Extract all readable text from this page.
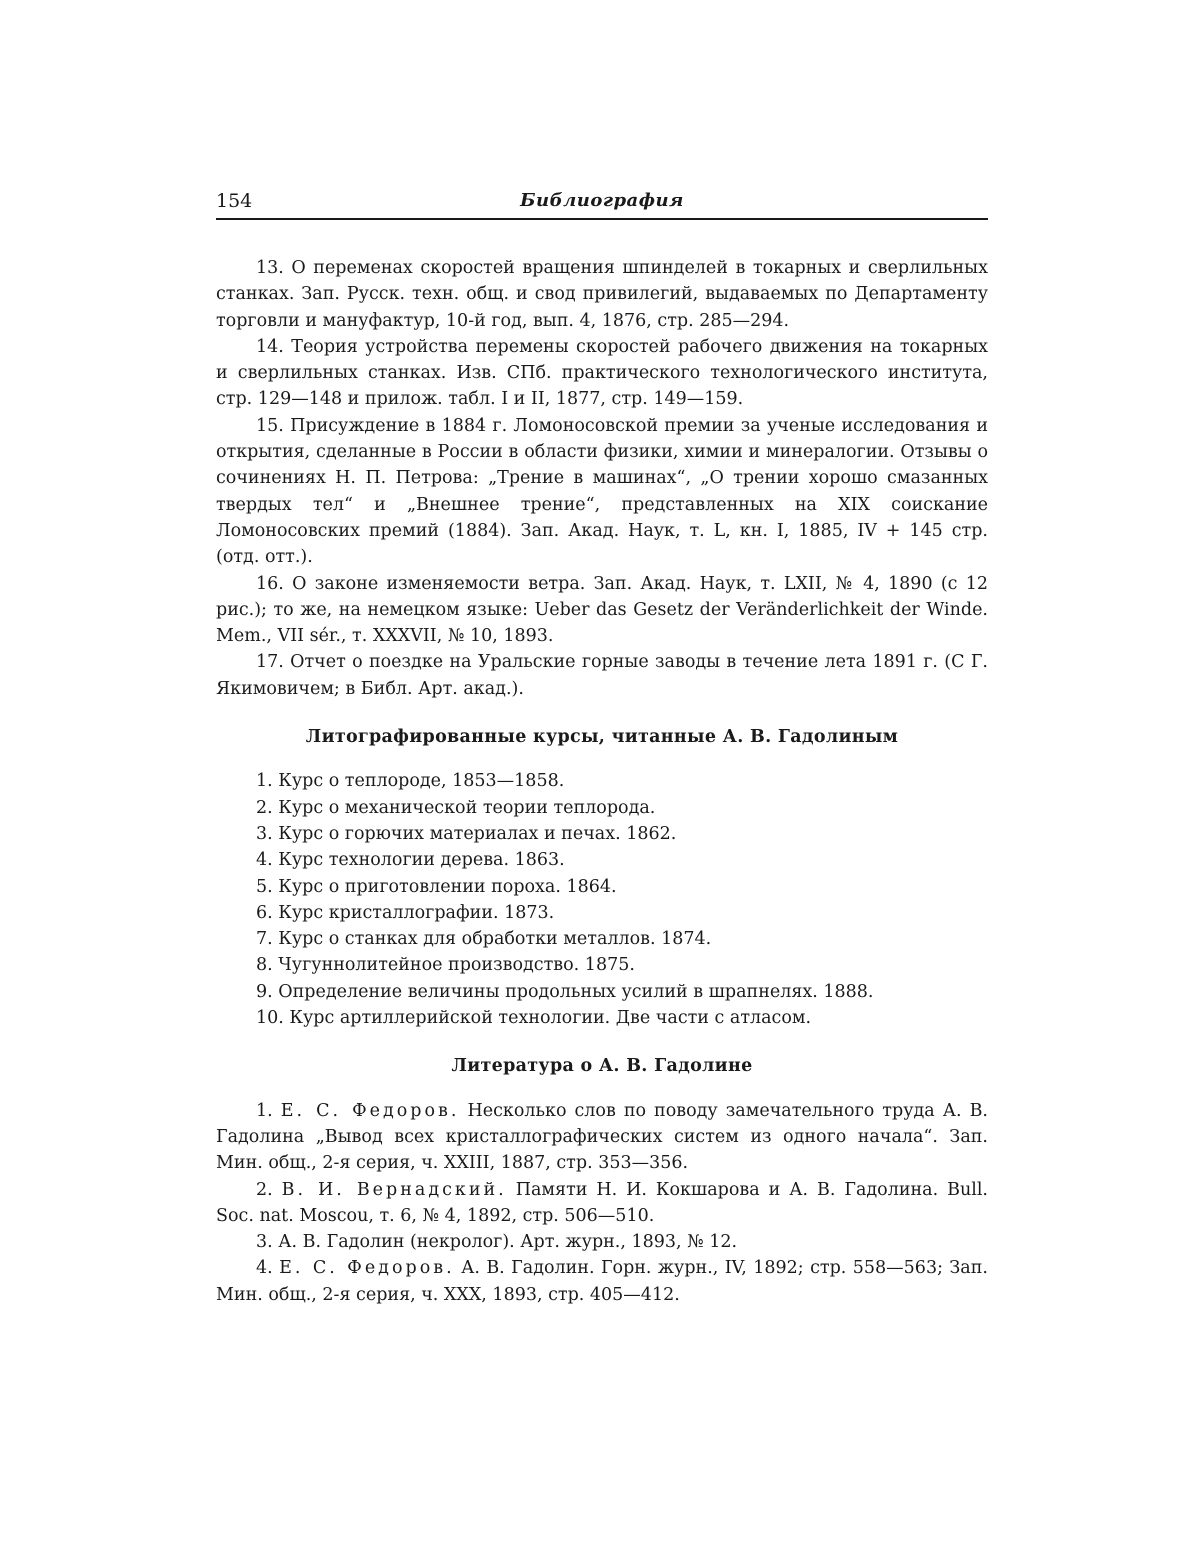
154	Библиография

13. О переменах скоростей вращения шпинделей в токарных и сверлильных станках. Зап. Русск. техн. общ. и свод привилегий, выдаваемых по Департаменту торговли и мануфактур, 10-й год, вып. 4, 1876, стр. 285—294.

14. Теория устройства перемены скоростей рабочего движения на токарных и сверлильных станках. Изв. СПб. практического технологического института, стр. 129—148 и прилож. табл. I и II, 1877, стр. 149—159.

15. Присуждение в 1884 г. Ломоносовской премии за ученые исследования и открытия, сделанные в России в области физики, химии и минералогии. Отзывы о сочинениях Н. П. Петрова: „Трение в машинах“, „О трении хорошо смазанных твердых тел“ и „Внешнее трение“, представленных на XIX соискание Ломоносовских премий (1884). Зап. Акад. Наук, т. L, кн. I, 1885, IV + 145 стр. (отд. отт.).

16. О законе изменяемости ветра. Зап. Акад. Наук, т. LXII, № 4, 1890 (с 12 рис.); то же, на немецком языке: Ueber das Gesetz der Veränderlichkeit der Winde. Mem., VII sér., т. XXXVII, № 10, 1893.

17. Отчет о поездке на Уральские горные заводы в течение лета 1891 г. (С Г. Якимовичем; в Библ. Арт. акад.).

Литографированные курсы, читанные А. В. Гадолиным
1. Курс о теплороде, 1853—1858.
2. Курс о механической теории теплорода.
3. Курс о горючих материалах и печах. 1862.
4. Курс технологии дерева. 1863.
5. Курс о приготовлении пороха. 1864.
6. Курс кристаллографии. 1873.
7. Курс о станках для обработки металлов. 1874.
8. Чугуннолитейное производство. 1875.
9. Определение величины продольных усилий в шрапнелях. 1888.
10. Курс артиллерийской технологии. Две части с атласом.
Литература о А. В. Гадолине

1. Е. С. Федоров. Несколько слов по поводу замечательного труда А. В. Гадолина „Вывод всех кристаллографических систем из одного начала“. Зап. Мин. общ., 2-я серия, ч. XXIII, 1887, стр. 353—356.

2. В. И. Вернадский. Памяти Н. И. Кокшарова и А. В. Гадолина. Bull. Soc. nat. Moscou, т. 6, № 4, 1892, стр. 506—510.

3. А. В. Гадолин (некролог). Арт. журн., 1893, № 12.

4. Е. С. Федоров. А. В. Гадолин. Горн. журн., IV, 1892; стр. 558—563; Зап. Мин. общ., 2-я серия, ч. XXX, 1893, стр. 405—412.
